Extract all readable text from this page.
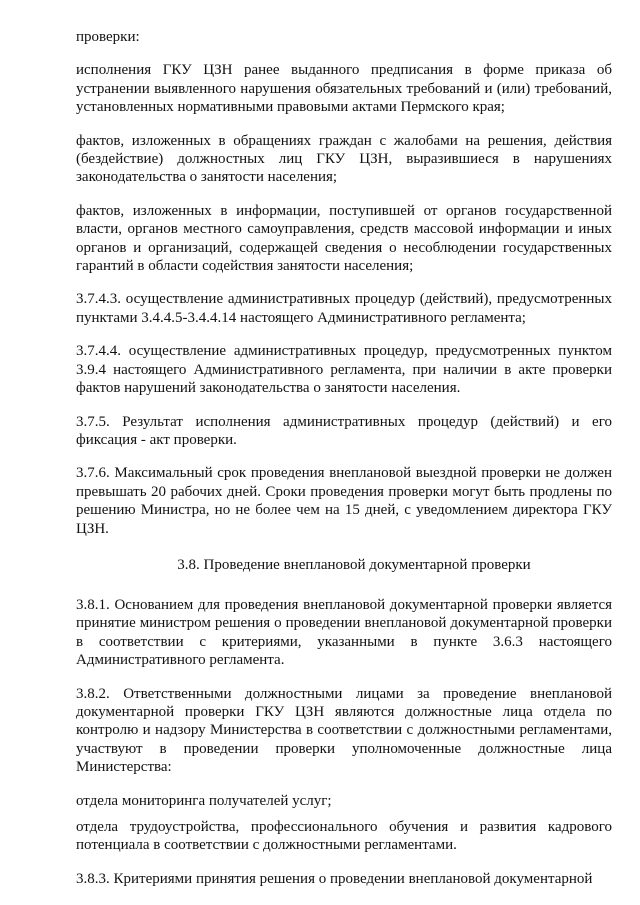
проверки:

исполнения ГКУ ЦЗН ранее выданного предписания в форме приказа об устранении выявленного нарушения обязательных требований и (или) требований, установленных нормативными правовыми актами Пермского края;

фактов, изложенных в обращениях граждан с жалобами на решения, действия (бездействие) должностных лиц ГКУ ЦЗН, выразившиеся в нарушениях законодательства о занятости населения;

фактов, изложенных в информации, поступившей от органов государственной власти, органов местного самоуправления, средств массовой информации и иных органов и организаций, содержащей сведения о несоблюдении государственных гарантий в области содействия занятости населения;

3.7.4.3. осуществление административных процедур (действий), предусмотренных пунктами 3.4.4.5-3.4.4.14 настоящего Административного регламента;

3.7.4.4. осуществление административных процедур, предусмотренных пунктом 3.9.4 настоящего Административного регламента, при наличии в акте проверки фактов нарушений законодательства о занятости населения.

3.7.5. Результат исполнения административных процедур (действий) и его фиксация - акт проверки.

3.7.6. Максимальный срок проведения внеплановой выездной проверки не должен превышать 20 рабочих дней. Сроки проведения проверки могут быть продлены по решению Министра, но не более чем на 15 дней, с уведомлением директора ГКУ ЦЗН.

3.8. Проведение внеплановой документарной проверки

3.8.1. Основанием для проведения внеплановой документарной проверки является принятие министром решения о проведении внеплановой документарной проверки в соответствии с критериями, указанными в пункте 3.6.3 настоящего Административного регламента.

3.8.2. Ответственными должностными лицами за проведение внеплановой документарной проверки ГКУ ЦЗН являются должностные лица отдела по контролю и надзору Министерства в соответствии с должностными регламентами, участвуют в проведении проверки уполномоченные должностные лица Министерства:

отдела мониторинга получателей услуг;

отдела трудоустройства, профессионального обучения и развития кадрового потенциала в соответствии с должностными регламентами.

3.8.3. Критериями принятия решения о проведении внеплановой документарной
